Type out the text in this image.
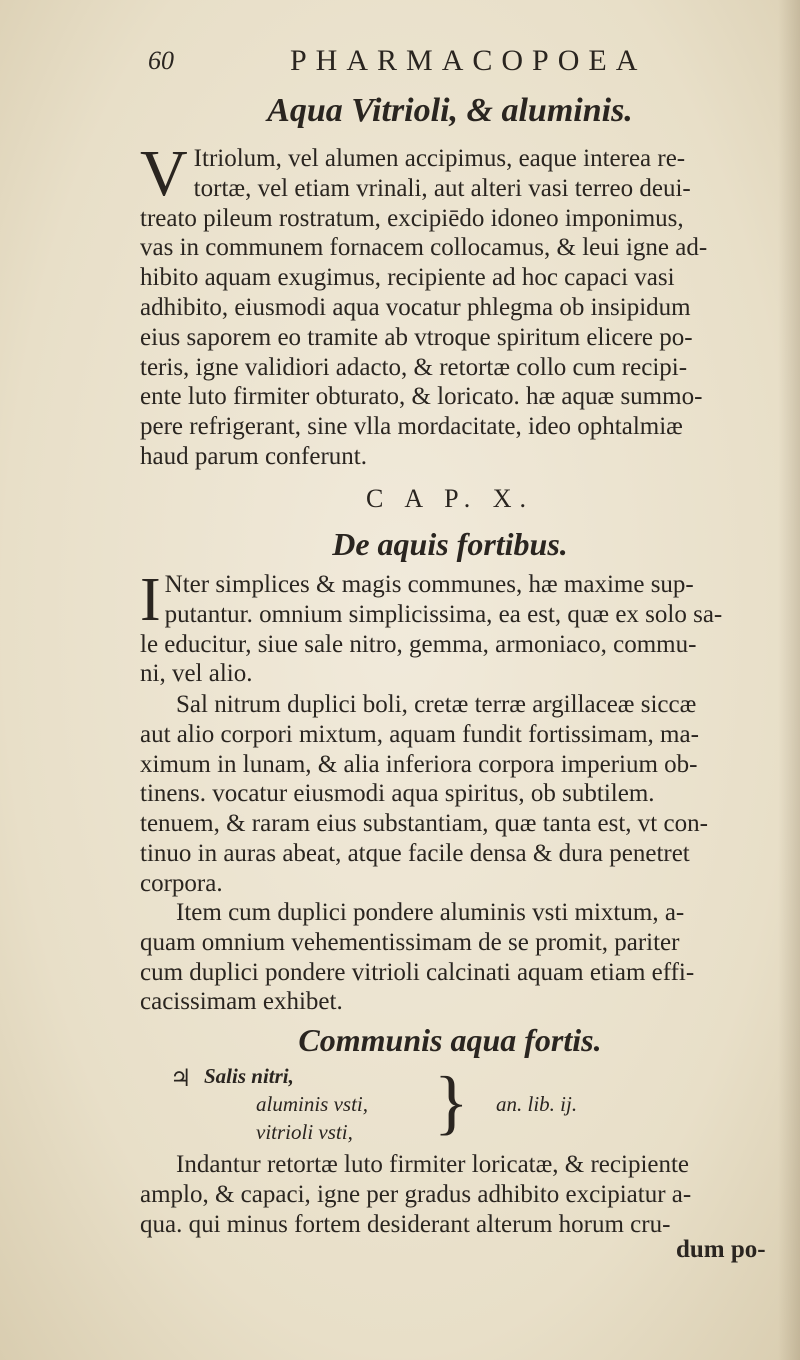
60	PHARMACOPOEA
Aqua Vitrioli, & aluminis.
V Itriolum, vel alumen accipimus, eaque interea re-
tortæ, vel etiam vrinali, aut alteri vasi terreo deui-
treato pileum rostratum, excipiēdo idoneo imponimus,
vas in communem fornacem collocamus, & leui igne ad-
hibito aquam exugimus, recipiente ad hoc capaci vasi
adhibito, eiusmodi aqua vocatur phlegma ob insipidum
eius saporem eo tramite ab vtroque spiritum elicere po-
teris, igne validiori adacto, & retortæ collo cum recipi-
ente luto firmiter obturato, & loricato. hæ aquæ summo-
pere refrigerant, sine vlla mordacitate, ideo ophtalmiæ
haud parum conferunt.
C A P. X.
De aquis fortibus.
I Nter simplices & magis communes, hæ maxime sup-
putantur. omnium simplicissima, ea est, quæ ex solo sa-
le educitur, siue sale nitro, gemma, armoniaco, commu-
ni, vel alio.
Sal nitrum duplici boli, cretæ terræ argillaceæ siccæ
aut alio corpori mixtum, aquam fundit fortissimam, ma-
ximum in lunam, & alia inferiora corpora imperium ob-
tinens. vocatur eiusmodi aqua spiritus, ob subtilem.
tenuem, & raram eius substantiam, quæ tanta est, vt con-
tinuo in auras abeat, atque facile densa & dura penetret
corpora.
Item cum duplici pondere aluminis vsti mixtum, a-
quam omnium vehementissimam de se promit, pariter
cum duplici pondere vitrioli calcinati aquam etiam effi-
cacissimam exhibet.
Communis aqua fortis.
♃ Salis nitri,
aluminis vsti,
vitrioli vsti, } an. lib. ij.
Indantur retortæ luto firmiter loricatæ, & recipiente
amplo, & capaci, igne per gradus adhibito excipiatur a-
qua. qui minus fortem desiderant alterum horum cru-
dum po-
